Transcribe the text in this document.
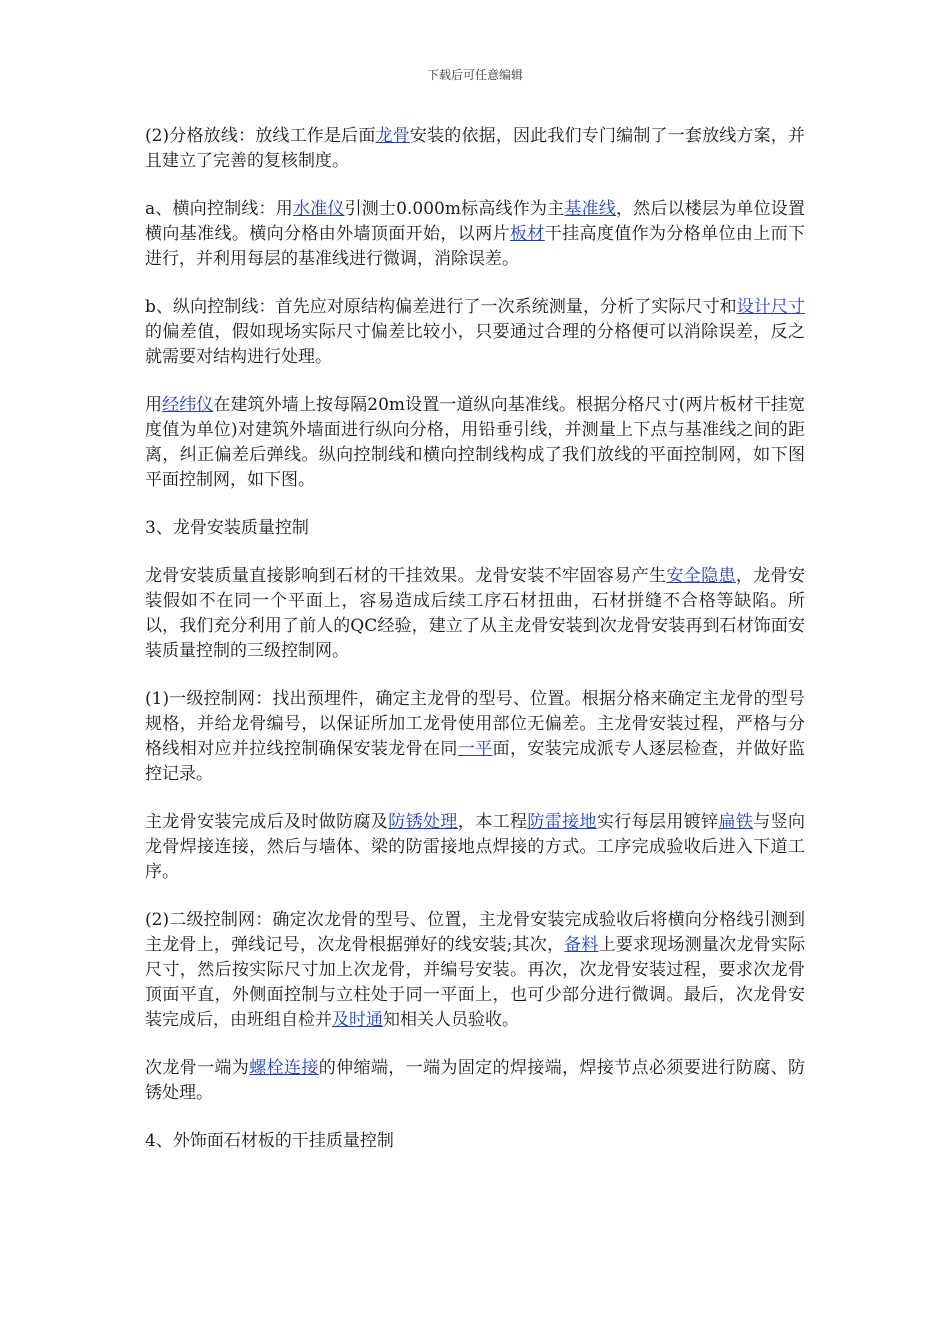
下载后可任意编辑

(2)分格放线：放线工作是后面龙骨安装的依据，因此我们专门编制了一套放线方案，并且建立了完善的复核制度。

a、横向控制线：用水准仪引测士0.000m标高线作为主基准线，然后以楼层为单位设置横向基准线。横向分格由外墙顶面开始，以两片板材干挂高度值作为分格单位由上而下进行，并利用每层的基准线进行微调，消除误差。

b、纵向控制线：首先应对原结构偏差进行了一次系统测量，分析了实际尺寸和设计尺寸的偏差值，假如现场实际尺寸偏差比较小，只要通过合理的分格便可以消除误差，反之就需要对结构进行处理。

用经纬仪在建筑外墙上按每隔20m设置一道纵向基准线。根据分格尺寸(两片板材干挂宽度值为单位)对建筑外墙面进行纵向分格，用铅垂引线，并测量上下点与基准线之间的距离，纠正偏差后弹线。纵向控制线和横向控制线构成了我们放线的平面控制网，如下图平面控制网，如下图。

3、龙骨安装质量控制

龙骨安装质量直接影响到石材的干挂效果。龙骨安装不牢固容易产生安全隐患，龙骨安装假如不在同一个平面上，容易造成后续工序石材扭曲，石材拼缝不合格等缺陷。所以，我们充分利用了前人的QC经验，建立了从主龙骨安装到次龙骨安装再到石材饰面安装质量控制的三级控制网。

(1)一级控制网：找出预埋件，确定主龙骨的型号、位置。根据分格来确定主龙骨的型号规格，并给龙骨编号，以保证所加工龙骨使用部位无偏差。主龙骨安装过程，严格与分格线相对应并拉线控制确保安装龙骨在同一平面，安装完成派专人逐层检查，并做好监控记录。

主龙骨安装完成后及时做防腐及防锈处理，本工程防雷接地实行每层用镀锌扁铁与竖向龙骨焊接连接，然后与墙体、梁的防雷接地点焊接的方式。工序完成验收后进入下道工序。

(2)二级控制网：确定次龙骨的型号、位置，主龙骨安装完成验收后将横向分格线引测到主龙骨上，弹线记号，次龙骨根据弹好的线安装;其次，备料上要求现场测量次龙骨实际尺寸，然后按实际尺寸加上次龙骨，并编号安装。再次，次龙骨安装过程，要求次龙骨顶面平直，外侧面控制与立柱处于同一平面上，也可少部分进行微调。最后，次龙骨安装完成后，由班组自检并及时通知相关人员验收。

次龙骨一端为螺栓连接的伸缩端，一端为固定的焊接端，焊接节点必须要进行防腐、防锈处理。

4、外饰面石材板的干挂质量控制
